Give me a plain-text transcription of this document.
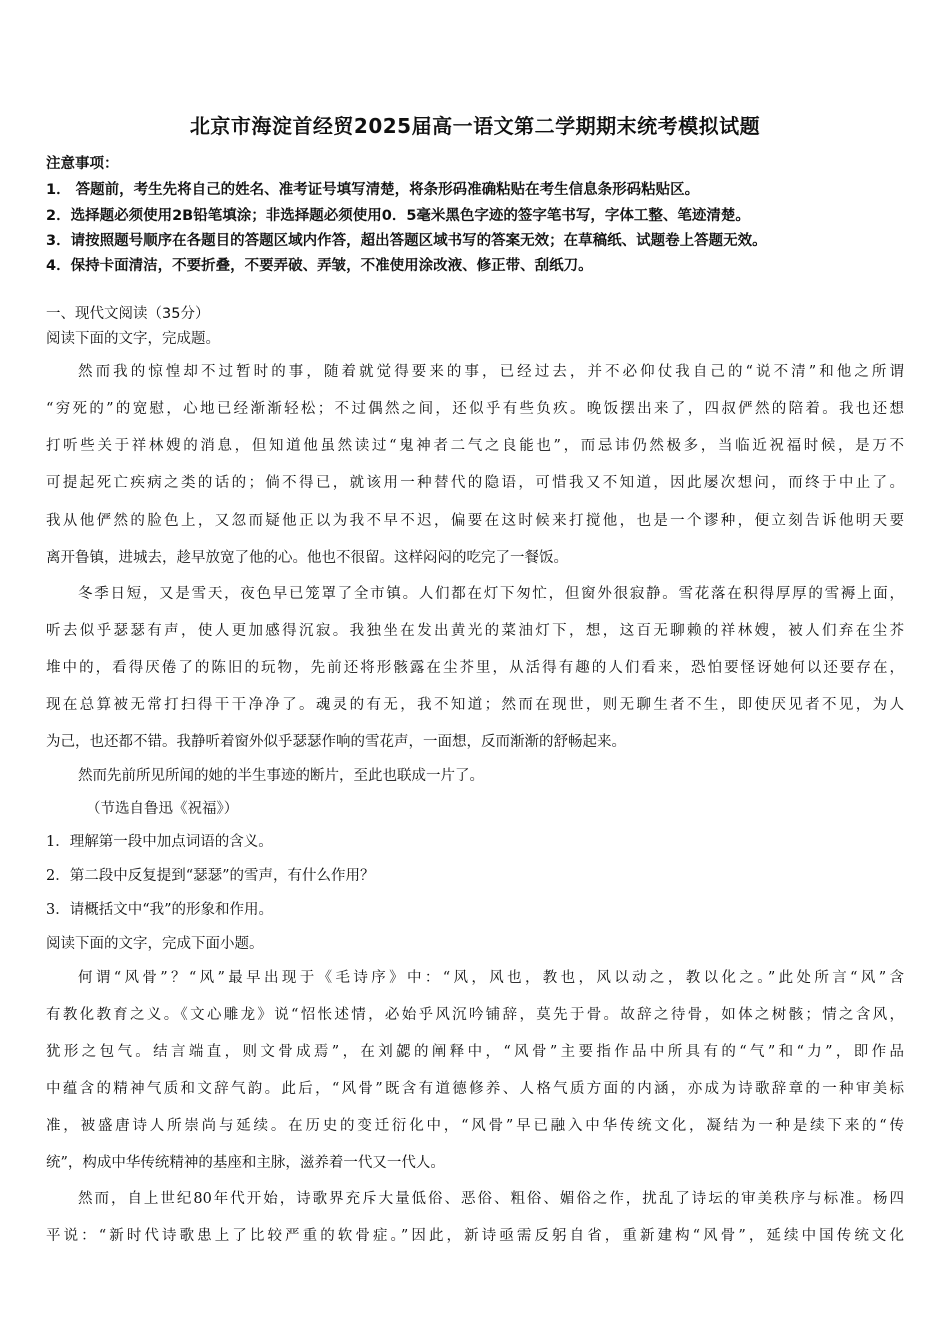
北京市海淀首经贸2025届高一语文第二学期期末统考模拟试题
注意事项：
1． 答题前，考生先将自己的姓名、准考证号填写清楚，将条形码准确粘贴在考生信息条形码粘贴区。
2．选择题必须使用2B铅笔填涂；非选择题必须使用0．5毫米黑色字迹的签字笔书写，字体工整、笔迹清楚。
3．请按照题号顺序在各题目的答题区域内作答，超出答题区域书写的答案无效；在草稿纸、试题卷上答题无效。
4．保持卡面清洁，不要折叠，不要弄破、弄皱，不准使用涂改液、修正带、刮纸刀。
一、现代文阅读（35分）
阅读下面的文字，完成题。
然而我的惊惶却不过暂时的事，随着就觉得要来的事，已经过去，并不必仰仗我自己的“说不清”和他之所谓
“穷死的”的宽慰，心地已经渐渐轻松；不过偶然之间，还似乎有些负疚。晚饭摆出来了，四叔俨然的陪着。我也还想
打听些关于祥林嫂的消息，但知道他虽然读过“鬼神者二气之良能也”，而忌讳仍然极多，当临近祝福时候，是万不
可提起死亡疾病之类的话的；倘不得已，就该用一种替代的隐语，可惜我又不知道，因此屡次想问，而终于中止了。
我从他俨然的脸色上，又忽而疑他正以为我不早不迟，偏要在这时候来打搅他，也是一个谬种，便立刻告诉他明天要
离开鲁镇，进城去，趁早放宽了他的心。他也不很留。这样闷闷的吃完了一餐饭。
冬季日短，又是雪天，夜色早已笼罩了全市镇。人们都在灯下匆忙，但窗外很寂静。雪花落在积得厚厚的雪褥上面，
听去似乎瑟瑟有声，使人更加感得沉寂。我独坐在发出黄光的菜油灯下，想，这百无聊赖的祥林嫂，被人们弃在尘芥
堆中的，看得厌倦了的陈旧的玩物，先前还将形骸露在尘芥里，从活得有趣的人们看来，恐怕要怪讶她何以还要存在，
现在总算被无常打扫得干干净净了。魂灵的有无，我不知道；然而在现世，则无聊生者不生，即使厌见者不见，为人
为己，也还都不错。我静听着窗外似乎瑟瑟作响的雪花声，一面想，反而渐渐的舒畅起来。
然而先前所见所闻的她的半生事迹的断片，至此也联成一片了。
（节选自鲁迅《祝福》）
1．理解第一段中加点词语的含义。
2．第二段中反复提到“瑟瑟”的雪声，有什么作用？
3．请概括文中“我”的形象和作用。
阅读下面的文字，完成下面小题。
何谓“风骨”？“风”最早出现于《毛诗序》中：“风，风也，教也，风以动之，教以化之。”此处所言“风”含
有教化教育之义。《文心雕龙》说“怊怅述情，必始乎风沉吟铺辞，莫先于骨。故辞之待骨，如体之树骸；情之含风，
犹形之包气。结言端直，则文骨成焉”，在刘勰的阐释中，“风骨”主要指作品中所具有的“气”和“力”，即作品
中蕴含的精神气质和文辞气韵。此后，“风骨”既含有道德修养、人格气质方面的内涵，亦成为诗歌辞章的一种审美标
准，被盛唐诗人所崇尚与延续。在历史的变迁衍化中，“风骨”早已融入中华传统文化，凝结为一种是续下来的“传
统”，构成中华传统精神的基座和主脉，滋养着一代又一代人。
然而，自上世纪80年代开始，诗歌界充斥大量低俗、恶俗、粗俗、媚俗之作，扰乱了诗坛的审美秩序与标准。杨四
平说：“新时代诗歌患上了比较严重的软骨症。”因此，新诗亟需反躬自省，重新建构“风骨”，延续中国传统文化
